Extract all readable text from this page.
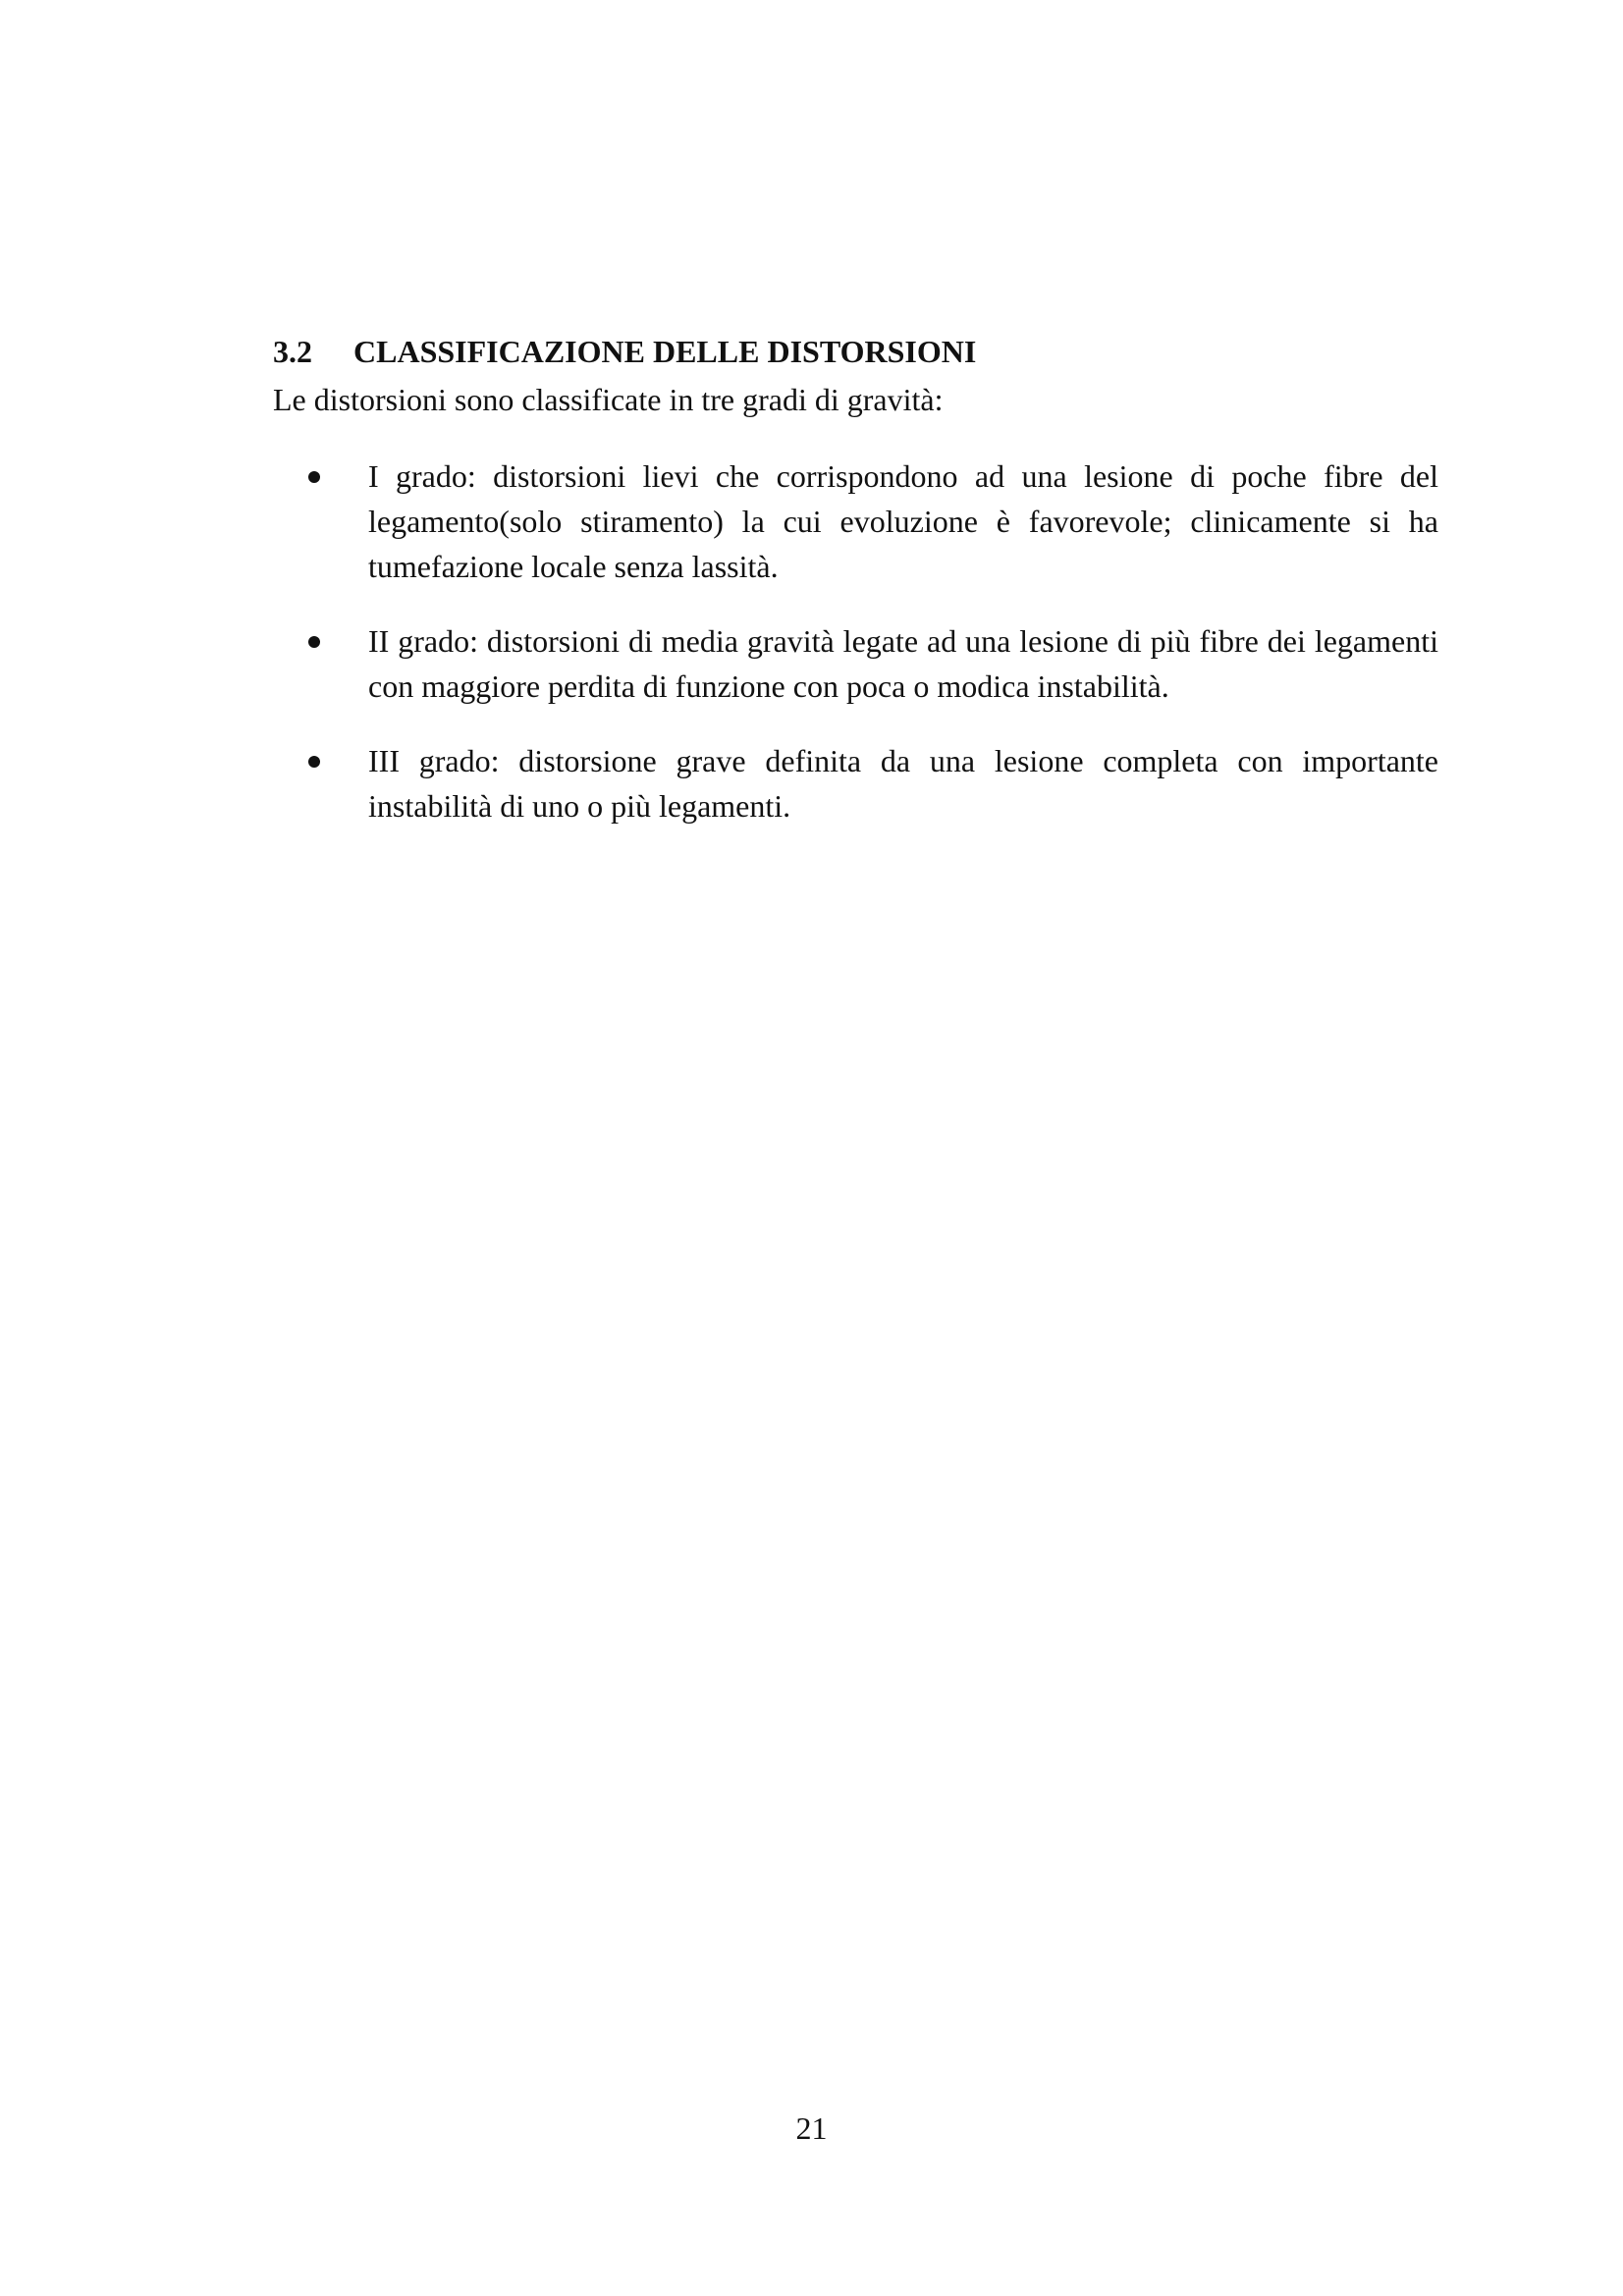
3.2 CLASSIFICAZIONE DELLE DISTORSIONI

Le distorsioni sono classificate in tre gradi di gravità:

I grado: distorsioni lievi che corrispondono ad una lesione di poche fibre del legamento(solo stiramento) la cui evoluzione è favorevole; clinicamente si ha tumefazione locale senza lassità.
II grado: distorsioni di media gravità legate ad una lesione di più fibre dei legamenti con maggiore perdita di funzione con poca o modica instabilità.
III grado: distorsione grave definita da una lesione completa con importante instabilità di uno o più legamenti.
21
